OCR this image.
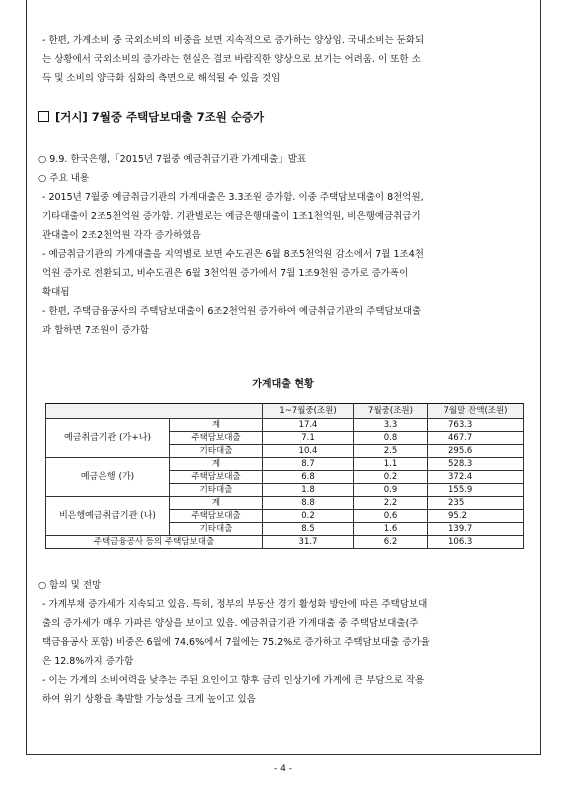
- 한편, 가계소비 중 국외소비의 비중을 보면 지속적으로 증가하는 양상임. 국내소비는 둔화되

는 상황에서 국외소비의 증가라는 현실은 결코 바람직한 양상으로 보기는 어려움. 이 또한 소

득 및 소비의 양극화 심화의 측면으로 해석될 수 있을 것임

[거시] 7월중 주택담보대출 7조원 순증가

○ 9.9. 한국은행,「2015년 7월중 예금취급기관 가계대출」발표

○ 주요 내용

- 2015년 7월중 예금취급기관의 가계대출은 3.3조원 증가함. 이중 주택담보대출이 8천억원,

기타대출이 2조5천억원 증가함. 기관별로는 예금은행대출이 1조1천억원, 비은행예금취급기

관대출이 2조2천억원 각각 증가하였음

- 예금취급기관의 가계대출을 지역별로 보면 수도권은 6월 8조5천억원 감소에서 7월 1조4천

억원 증가로 전환되고, 비수도권은 6월 3천억원 증가에서 7월 1조9천원 증가로 증가폭이

확대됨

- 한편, 주택금융공사의 주택담보대출이 6조2천억원 증가하여 예금취급기관의 주택담보대출

과 합하면 7조원이 증가함

가계대출 현황

		1~7월중(조원)	7월중(조원)	7월말 잔액(조원)
예금취급기관 (가+나)	계	17.4	3.3	763.3
	주택담보대출	7.1	0.8	467.7
	기타대출	10.4	2.5	295.6
예금은행 (가)	계	8.7	1.1	528.3
	주택담보대출	6.8	0.2	372.4
	기타대출	1.8	0.9	155.9
비은행예금취급기관 (나)	계	8.8	2.2	235
	주택담보대출	0.2	0.6	95.2
	기타대출	8.5	1.6	139.7
주택금융공사 등의 주택담보대출		31.7	6.2	106.3

○ 함의 및 전망

- 가계부채 증가세가 지속되고 있음. 특히, 정부의 부동산 경기 활성화 방안에 따른 주택담보대

출의 증가세가 매우 가파른 양상을 보이고 있음. 예금취급기관 가계대출 중 주택담보대출(주

택금융공사 포함) 비중은 6월에 74.6%에서 7월에는 75.2%로 증가하고 주택담보대출 증가율

은 12.8%까지 증가함

- 이는 가계의 소비여력을 낮추는 주된 요인이고 향후 금리 인상기에 가계에 큰 부담으로 작용

하여 위기 상황을 촉발할 가능성을 크게 높이고 있음

- 4 -
